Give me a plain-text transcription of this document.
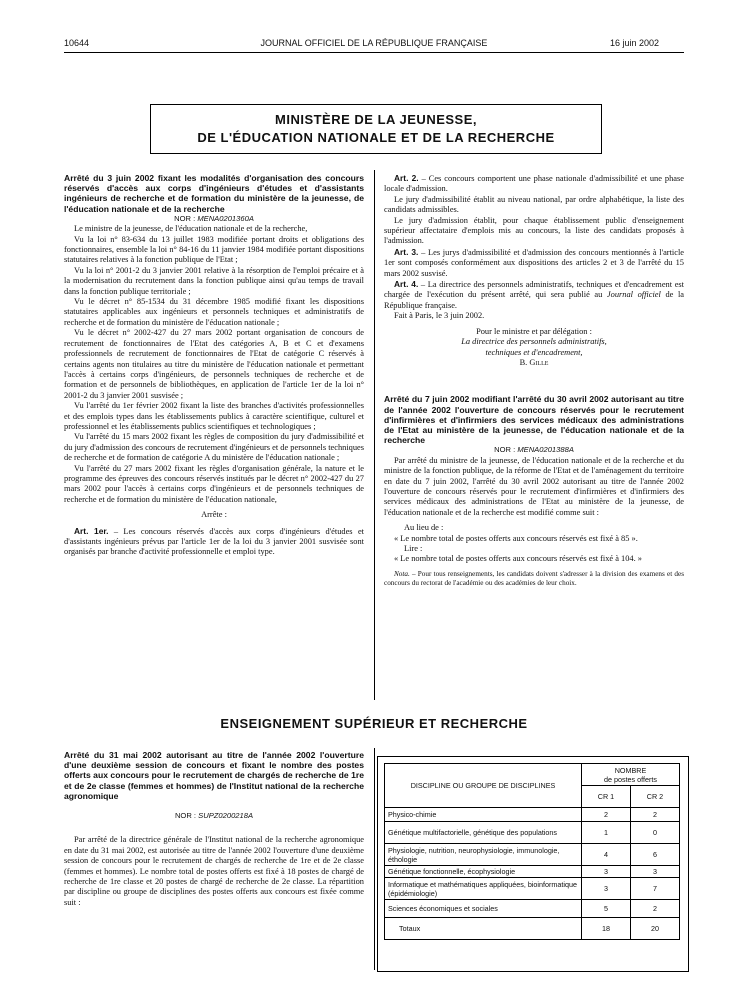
10644	JOURNAL OFFICIEL DE LA RÉPUBLIQUE FRANÇAISE	16 juin 2002
MINISTÈRE DE LA JEUNESSE,
DE L'ÉDUCATION NATIONALE ET DE LA RECHERCHE

Arrêté du 3 juin 2002 fixant les modalités d'organisation des concours réservés d'accès aux corps d'ingénieurs d'études et d'assistants ingénieurs de recherche et de formation du ministère de la jeunesse, de l'éducation nationale et de la recherche

NOR : MENA0201360A

Le ministre de la jeunesse, de l'éducation nationale et de la recherche,

Vu la loi n° 83-634 du 13 juillet 1983 modifiée portant droits et obligations des fonctionnaires, ensemble la loi n° 84-16 du 11 janvier 1984 modifiée portant dispositions statutaires relatives à la fonction publique de l'Etat ;

Vu la loi n° 2001-2 du 3 janvier 2001 relative à la résorption de l'emploi précaire et à la modernisation du recrutement dans la fonction publique ainsi qu'au temps de travail dans la fonction publique territoriale ;

Vu le décret n° 85-1534 du 31 décembre 1985 modifié fixant les dispositions statutaires applicables aux ingénieurs et personnels techniques et administratifs de recherche et de formation du ministère de l'éducation nationale ;

Vu le décret n° 2002-427 du 27 mars 2002 portant organisation de concours de recrutement de fonctionnaires de l'Etat des catégories A, B et C et d'examens professionnels de recrutement de fonctionnaires de l'Etat de catégorie C réservés à certains agents non titulaires au titre du ministère de l'éducation nationale et permettant l'accès à certains corps d'ingénieurs, de personnels techniques de recherche et de formation et de personnels de bibliothèques, en application de l'article 1er de la loi n° 2001-2 du 3 janvier 2001 susvisée ;

Vu l'arrêté du 1er février 2002 fixant la liste des branches d'activités professionnelles et des emplois types dans les établissements publics à caractère scientifique, culturel et professionnel et les établissements publics scientifiques et technologiques ;

Vu l'arrêté du 15 mars 2002 fixant les règles de composition du jury d'admissibilité et du jury d'admission des concours de recrutement d'ingénieurs et de personnels techniques de recherche et de formation de catégorie A du ministère de l'éducation nationale ;

Vu l'arrêté du 27 mars 2002 fixant les règles d'organisation générale, la nature et le programme des épreuves des concours réservés institués par le décret n° 2002-427 du 27 mars 2002 pour l'accès à certains corps d'ingénieurs et de personnels techniques de recherche et de formation du ministère de l'éducation nationale,

Arrête :

Art. 1er. – Les concours réservés d'accès aux corps d'ingénieurs d'études et d'assistants ingénieurs prévus par l'article 1er de la loi du 3 janvier 2001 susvisée sont organisés par branche d'activité professionnelle et emploi type.

Art. 2. – Ces concours comportent une phase nationale d'admissibilité et une phase locale d'admission.

Le jury d'admissibilité établit au niveau national, par ordre alphabétique, la liste des candidats admissibles.

Le jury d'admission établit, pour chaque établissement public d'enseignement supérieur affectataire d'emplois mis au concours, la liste des candidats proposés à l'admission.

Art. 3. – Les jurys d'admissibilité et d'admission des concours mentionnés à l'article 1er sont composés conformément aux dispositions des articles 2 et 3 de l'arrêté du 15 mars 2002 susvisé.

Art. 4. – La directrice des personnels administratifs, techniques et d'encadrement est chargée de l'exécution du présent arrêté, qui sera publié au Journal officiel de la République française.

Fait à Paris, le 3 juin 2002.

Pour le ministre et par délégation :

La directrice des personnels administratifs,

techniques et d'encadrement,

B. Gille

Arrêté du 7 juin 2002 modifiant l'arrêté du 30 avril 2002 autorisant au titre de l'année 2002 l'ouverture de concours réservés pour le recrutement d'infirmières et d'infirmiers des services médicaux des administrations de l'Etat au ministère de la jeunesse, de l'éducation nationale et de la recherche

NOR : MENA0201388A

Par arrêté du ministre de la jeunesse, de l'éducation nationale et de la recherche et du ministre de la fonction publique, de la réforme de l'Etat et de l'aménagement du territoire en date du 7 juin 2002, l'arrêté du 30 avril 2002 autorisant au titre de l'année 2002 l'ouverture de concours réservés pour le recrutement d'infirmières et d'infirmiers des services médicaux des administrations de l'Etat au ministère de la jeunesse, de l'éducation nationale et de la recherche est modifié comme suit :

Au lieu de :

« Le nombre total de postes offerts aux concours réservés est fixé à 85 ».

Lire :

« Le nombre total de postes offerts aux concours réservés est fixé à 104. »

Nota. – Pour tous renseignements, les candidats doivent s'adresser à la division des examens et des concours du rectorat de l'académie ou des académies de leur choix.

ENSEIGNEMENT SUPÉRIEUR ET RECHERCHE

Arrêté du 31 mai 2002 autorisant au titre de l'année 2002 l'ouverture d'une deuxième session de concours et fixant le nombre des postes offerts aux concours pour le recrutement de chargés de recherche de 1re et de 2e classe (femmes et hommes) de l'Institut national de la recherche agronomique

NOR : SUPZ0200218A

Par arrêté de la directrice générale de l'Institut national de la recherche agronomique en date du 31 mai 2002, est autorisée au titre de l'année 2002 l'ouverture d'une deuxième session de concours pour le recrutement de chargés de recherche de 1re et de 2e classe (femmes et hommes). Le nombre total de postes offerts est fixé à 18 postes de chargé de recherche de 1re classe et 20 postes de chargé de recherche de 2e classe. La répartition par discipline ou groupe de disciplines des postes offerts aux concours est fixée comme suit :

DISCIPLINE OU GROUPE DE DISCIPLINES	NOMBRE
de postes offerts	

	CR 1	CR 2
Physico-chimie	2	2
Génétique multifactorielle, génétique des populations	1	0
Physiologie, nutrition, neurophysiologie, immunologie, éthologie	4	6
Génétique fonctionnelle, écophysiologie	3	3
Informatique et mathématiques appliquées, bioinformatique (épidémiologie)	3	7
Sciences économiques et sociales	5	2
Totaux	18	20
